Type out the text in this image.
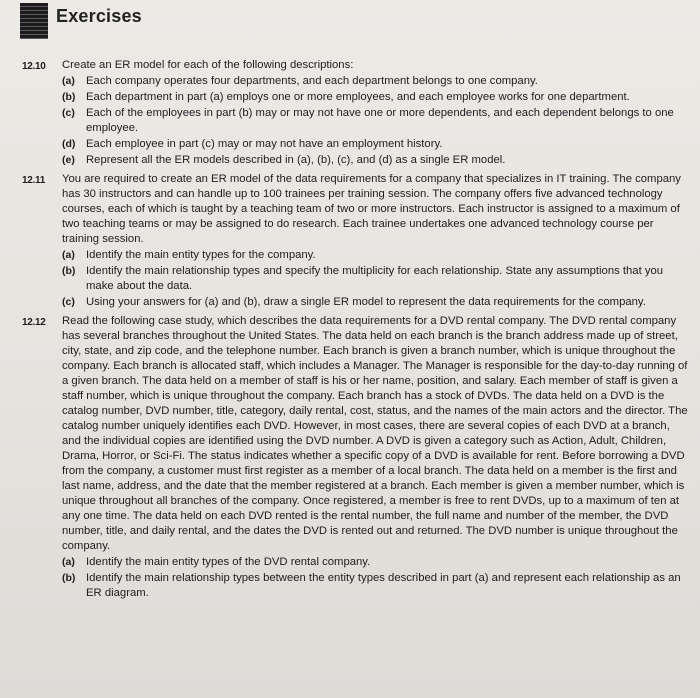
Exercises
12.10	Create an ER model for each of the following descriptions:

(a) Each company operates four departments, and each department belongs to one company.
(b) Each department in part (a) employs one or more employees, and each employee works for one department.
(c) Each of the employees in part (b) may or may not have one or more dependents, and each dependent belongs to one employee.
(d) Each employee in part (c) may or may not have an employment history.
(e) Represent all the ER models described in (a), (b), (c), and (d) as a single ER model.
12.11	You are required to create an ER model of the data requirements for a company that specializes in IT training. The company has 30 instructors and can handle up to 100 trainees per training session. The company offers five advanced technology courses, each of which is taught by a teaching team of two or more instructors. Each instructor is assigned to a maximum of two teaching teams or may be assigned to do research. Each trainee undertakes one advanced technology course per training session.

(a) Identify the main entity types for the company.
(b) Identify the main relationship types and specify the multiplicity for each relationship. State any assumptions that you make about the data.
(c) Using your answers for (a) and (b), draw a single ER model to represent the data requirements for the company.
12.12	Read the following case study, which describes the data requirements for a DVD rental company. The DVD rental company has several branches throughout the United States. The data held on each branch is the branch address made up of street, city, state, and zip code, and the telephone number. Each branch is given a branch number, which is unique throughout the company. Each branch is allocated staff, which includes a Manager. The Manager is responsible for the day-to-day running of a given branch. The data held on a member of staff is his or her name, position, and salary. Each member of staff is given a staff number, which is unique throughout the company. Each branch has a stock of DVDs. The data held on a DVD is the catalog number, DVD number, title, category, daily rental, cost, status, and the names of the main actors and the director. The catalog number uniquely identifies each DVD. However, in most cases, there are several copies of each DVD at a branch, and the individual copies are identified using the DVD number. A DVD is given a category such as Action, Adult, Children, Drama, Horror, or Sci-Fi. The status indicates whether a specific copy of a DVD is available for rent. Before borrowing a DVD from the company, a customer must first register as a member of a local branch. The data held on a member is the first and last name, address, and the date that the member registered at a branch. Each member is given a member number, which is unique throughout all branches of the company. Once registered, a member is free to rent DVDs, up to a maximum of ten at any one time. The data held on each DVD rented is the rental number, the full name and number of the member, the DVD number, title, and daily rental, and the dates the DVD is rented out and returned. The DVD number is unique throughout the company.

(a) Identify the main entity types of the DVD rental company.
(b) Identify the main relationship types between the entity types described in part (a) and represent each relationship as an ER diagram.
